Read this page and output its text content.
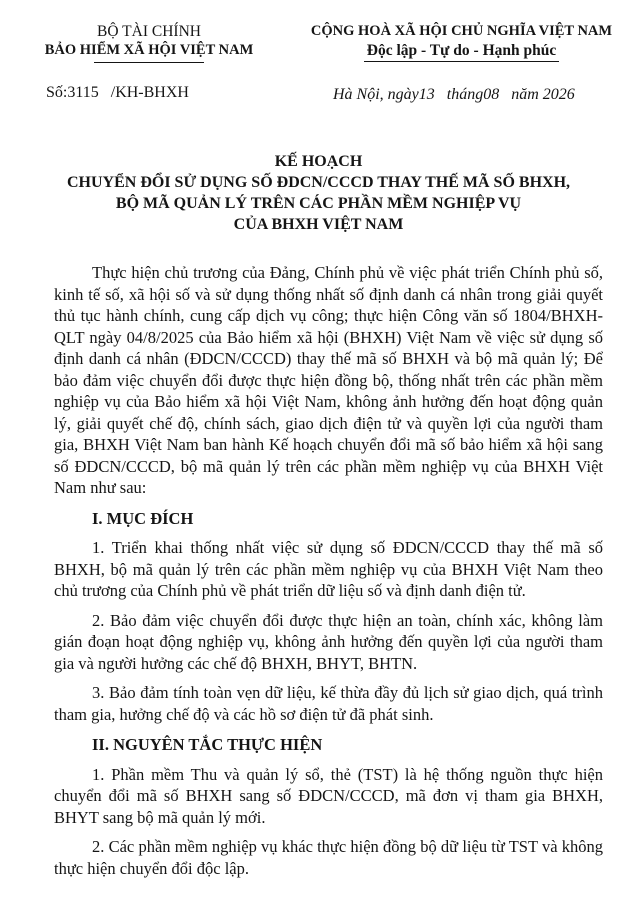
BỘ TÀI CHÍNH
BẢO HIỂM XÃ HỘI VIỆT NAM
CỘNG HOÀ XÃ HỘI CHỦ NGHĨA VIỆT NAM
Độc lập - Tự do - Hạnh phúc
Số:3115   /KH-BHXH	Hà Nội, ngày13   tháng08   năm 2026
KẾ HOẠCH
CHUYỂN ĐỔI SỬ DỤNG SỐ ĐDCN/CCCD THAY THẾ MÃ SỐ BHXH,
BỘ MÃ QUẢN LÝ TRÊN CÁC PHẦN MỀM NGHIỆP VỤ
CỦA BHXH VIỆT NAM

Thực hiện chủ trương của Đảng, Chính phủ về việc phát triển Chính phủ số, kinh tế số, xã hội số và sử dụng thống nhất số định danh cá nhân trong giải quyết thủ tục hành chính, cung cấp dịch vụ công; thực hiện Công văn số 1804/BHXH-QLT ngày 04/8/2025 của Bảo hiểm xã hội (BHXH) Việt Nam về việc sử dụng số định danh cá nhân (ĐDCN/CCCD) thay thế mã số BHXH và bộ mã quản lý; Để bảo đảm việc chuyển đổi được thực hiện đồng bộ, thống nhất trên các phần mềm nghiệp vụ của Bảo hiểm xã hội Việt Nam, không ảnh hưởng đến hoạt động quản lý, giải quyết chế độ, chính sách, giao dịch điện tử và quyền lợi của người tham gia, BHXH Việt Nam ban hành Kế hoạch chuyển đổi mã số bảo hiểm xã hội sang số ĐDCN/CCCD, bộ mã quản lý trên các phần mềm nghiệp vụ của BHXH Việt Nam như sau:

I. MỤC ĐÍCH

1. Triển khai thống nhất việc sử dụng số ĐDCN/CCCD thay thế mã số BHXH, bộ mã quản lý trên các phần mềm nghiệp vụ của BHXH Việt Nam theo chủ trương của Chính phủ về phát triển dữ liệu số và định danh điện tử.

2. Bảo đảm việc chuyển đổi được thực hiện an toàn, chính xác, không làm gián đoạn hoạt động nghiệp vụ, không ảnh hưởng đến quyền lợi của người tham gia và người hưởng các chế độ BHXH, BHYT, BHTN.

3. Bảo đảm tính toàn vẹn dữ liệu, kế thừa đầy đủ lịch sử giao dịch, quá trình tham gia, hưởng chế độ và các hồ sơ điện tử đã phát sinh.

II. NGUYÊN TẮC THỰC HIỆN

1. Phần mềm Thu và quản lý sổ, thẻ (TST) là hệ thống nguồn thực hiện chuyển đổi mã số BHXH sang số ĐDCN/CCCD, mã đơn vị tham gia BHXH, BHYT sang bộ mã quản lý mới.

2. Các phần mềm nghiệp vụ khác thực hiện đồng bộ dữ liệu từ TST và không thực hiện chuyển đổi độc lập.
